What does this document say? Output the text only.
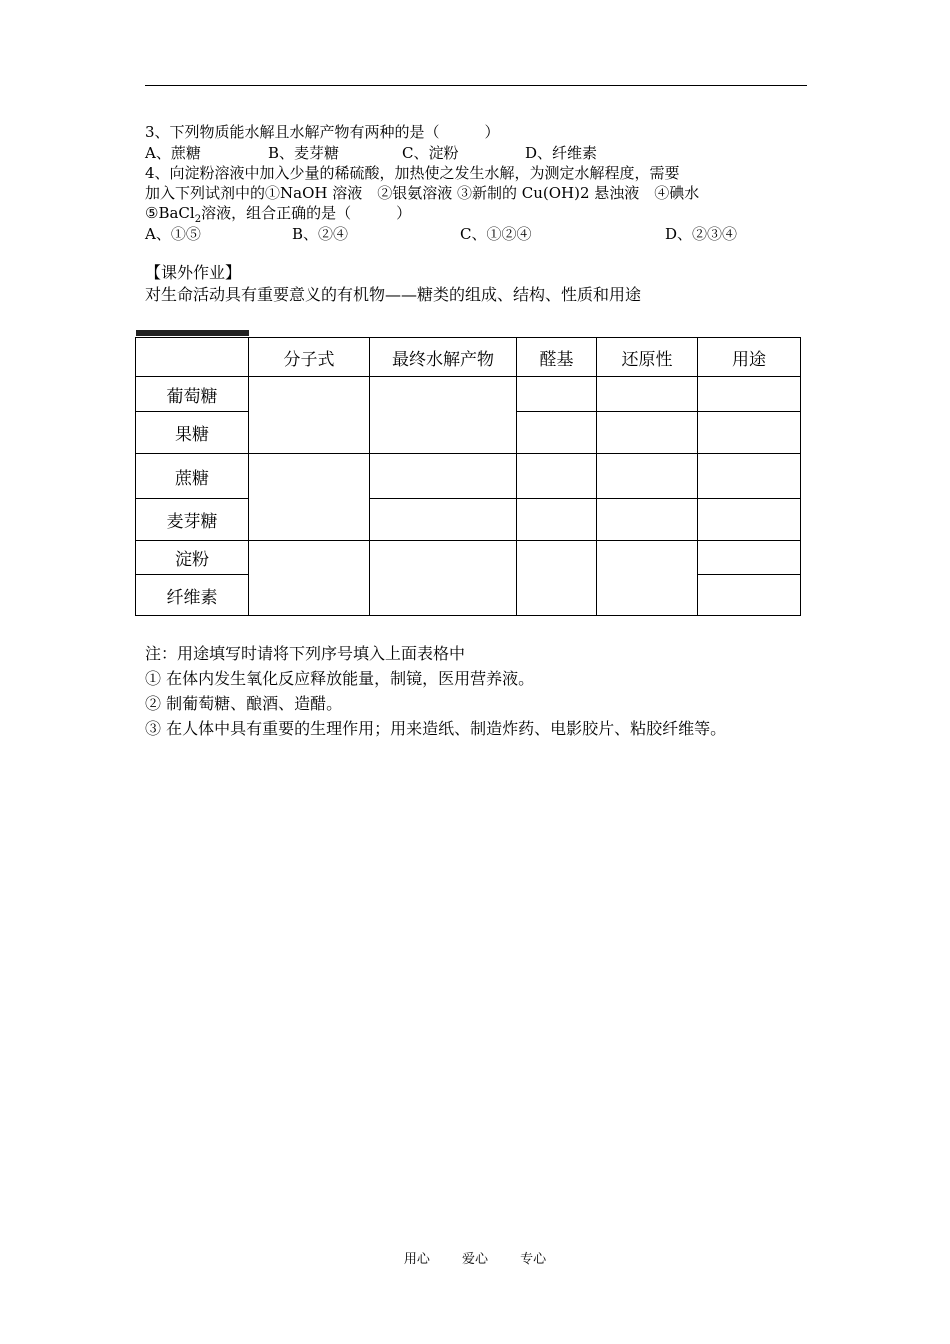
3、下列物质能水解且水解产物有两种的是（　　　）
A、蔗糖	B、麦芽糖	C、淀粉	D、纤维素
4、向淀粉溶液中加入少量的稀硫酸，加热使之发生水解，为测定水解程度，需要
加入下列试剂中的①NaOH 溶液　②银氨溶液 ③新制的 Cu(OH)2 悬浊液　④碘水
⑤BaCl$_2$溶液，组合正确的是（　　　）
A、①⑤	B、②④	C、①②④	D、②③④
【课外作业】
对生命活动具有重要意义的有机物——糖类的组成、结构、性质和用途
	分子式	最终水解产物	醛基	还原性	用途
葡萄糖					
果糖					
蔗糖					
麦芽糖					
淀粉					
纤维素					
注：用途填写时请将下列序号填入上面表格中
① 在体内发生氧化反应释放能量，制镜，医用营养液。
② 制葡萄糖、酿酒、造醋。
③ 在人体中具有重要的生理作用；用来造纸、制造炸药、电影胶片、粘胶纤维等。
用心 爱心 专心
